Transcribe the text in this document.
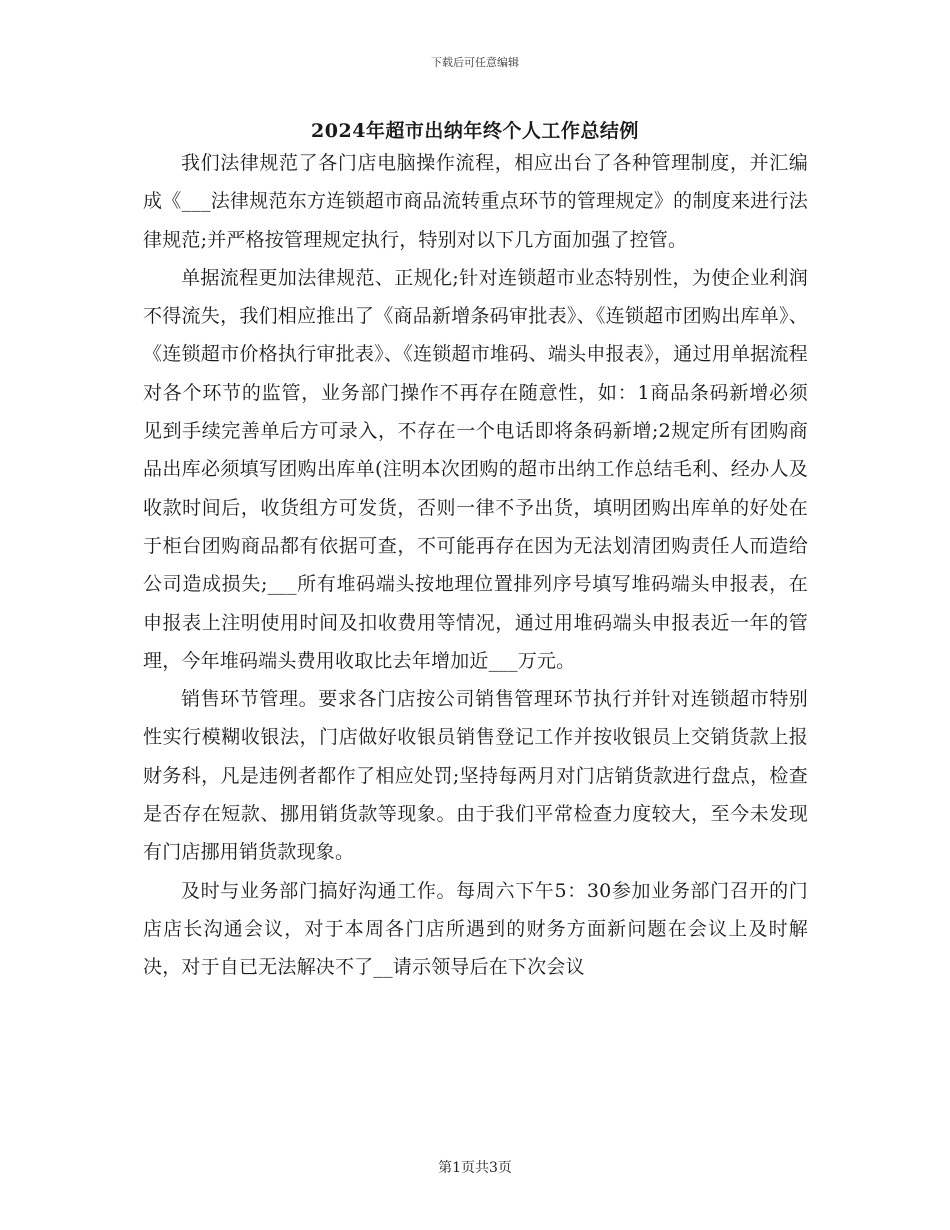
下载后可任意编辑
2024年超市出纳年终个人工作总结例

我们法律规范了各门店电脑操作流程，相应出台了各种管理制度，并汇编成《___法律规范东方连锁超市商品流转重点环节的管理规定》的制度来进行法律规范;并严格按管理规定执行，特别对以下几方面加强了控管。

单据流程更加法律规范、正规化;针对连锁超市业态特别性，为使企业利润不得流失，我们相应推出了《商品新增条码审批表》、《连锁超市团购出库单》、《连锁超市价格执行审批表》、《连锁超市堆码、端头申报表》，通过用单据流程对各个环节的监管，业务部门操作不再存在随意性，如：1商品条码新增必须见到手续完善单后方可录入，不存在一个电话即将条码新增;2规定所有团购商品出库必须填写团购出库单(注明本次团购的超市出纳工作总结毛利、经办人及收款时间后，收货组方可发货，否则一律不予出货，填明团购出库单的好处在于柜台团购商品都有依据可查，不可能再存在因为无法划清团购责任人而造给公司造成损失;___所有堆码端头按地理位置排列序号填写堆码端头申报表，在申报表上注明使用时间及扣收费用等情况，通过用堆码端头申报表近一年的管理，今年堆码端头费用收取比去年增加近___万元。

销售环节管理。要求各门店按公司销售管理环节执行并针对连锁超市特别性实行模糊收银法，门店做好收银员销售登记工作并按收银员上交销货款上报财务科，凡是违例者都作了相应处罚;坚持每两月对门店销货款进行盘点，检查是否存在短款、挪用销货款等现象。由于我们平常检查力度较大，至今未发现有门店挪用销货款现象。

及时与业务部门搞好沟通工作。每周六下午5：30参加业务部门召开的门店店长沟通会议，对于本周各门店所遇到的财务方面新问题在会议上及时解决，对于自已无法解决不了__请示领导后在下次会议

第1页共3页
